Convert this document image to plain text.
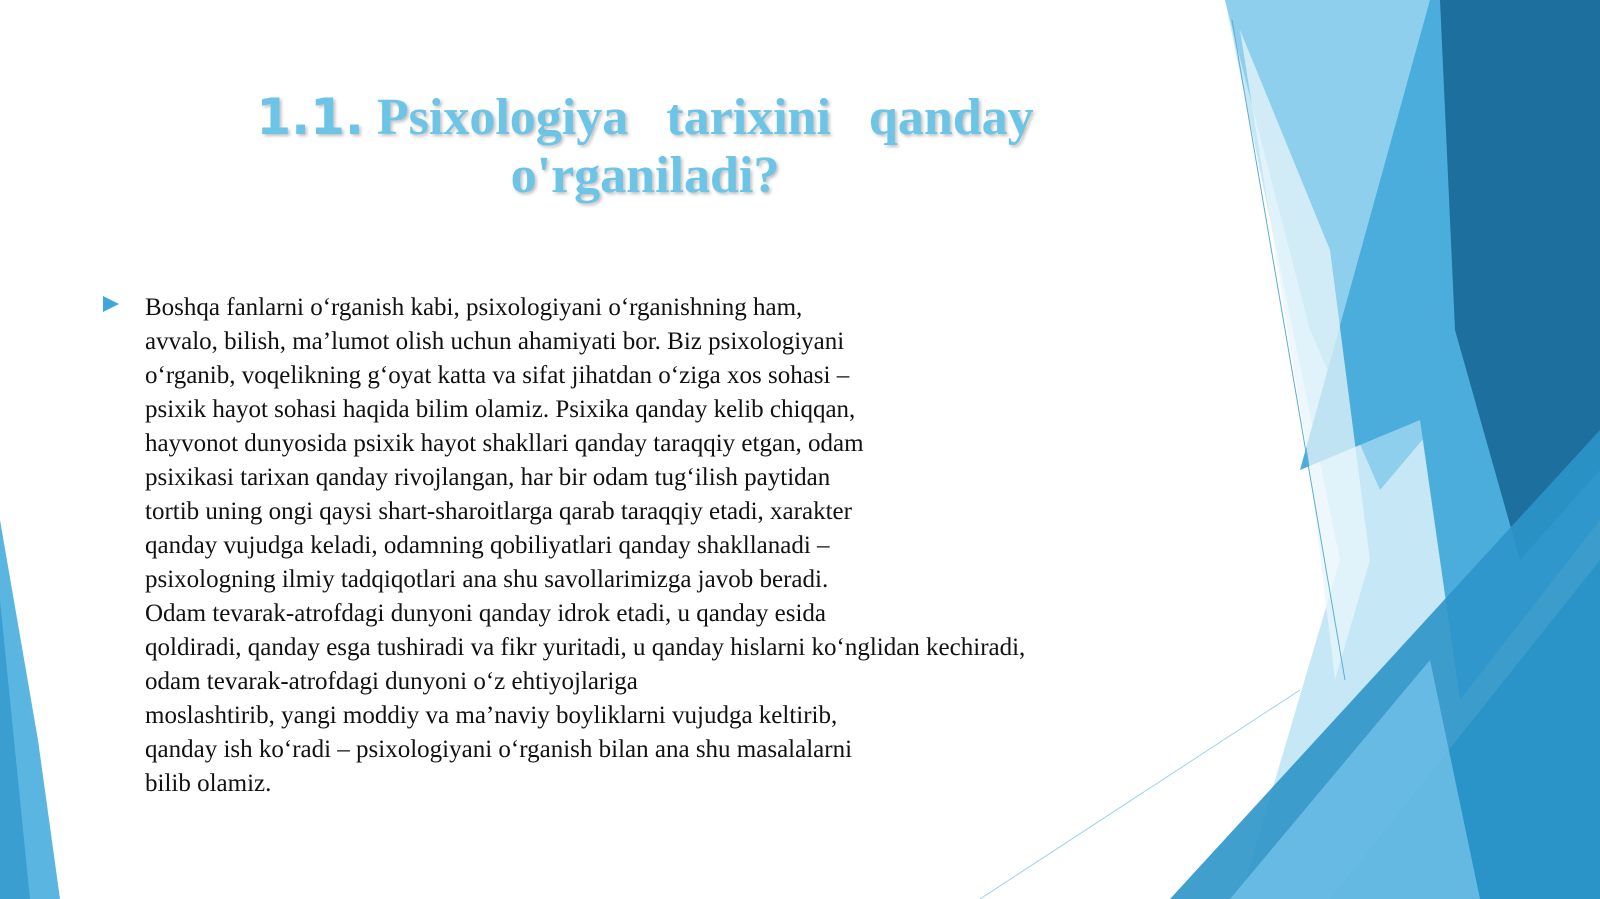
1.1. Psixologiya  tarixini  qanday o'rganiladi?
Boshqa fanlarni o‘rganish kabi, psixologiyani o‘rganishning ham,
avvalo, bilish, ma’lumot olish uchun ahamiyati bor. Biz psixologiyani
o‘rganib, voqelikning g‘oyat katta va sifat jihatdan o‘ziga xos sohasi –
psixik hayot sohasi haqida bilim olamiz. Psixika qanday kelib chiqqan,
hayvonot dunyosida psixik hayot shakllari qanday taraqqiy etgan, odam
psixikasi tarixan qanday rivojlangan, har bir odam tug‘ilish paytidan
tortib uning ongi qaysi shart-sharoitlarga qarab taraqqiy etadi, xarakter
qanday vujudga keladi, odamning qobiliyatlari qanday shakllanadi –
psixologning ilmiy tadqiqotlari ana shu savollarimizga javob beradi.
Odam tevarak-atrofdagi dunyoni qanday idrok etadi, u qanday esida
qoldiradi, qanday esga tushiradi va fikr yuritadi, u qanday hislarni ko‘nglidan kechiradi,
odam tevarak-atrofdagi dunyoni o‘z ehtiyojlariga
moslashtirib, yangi moddiy va ma’naviy boyliklarni vujudga keltirib,
qanday ish ko‘radi – psixologiyani o‘rganish bilan ana shu masalalarni
bilib olamiz.
